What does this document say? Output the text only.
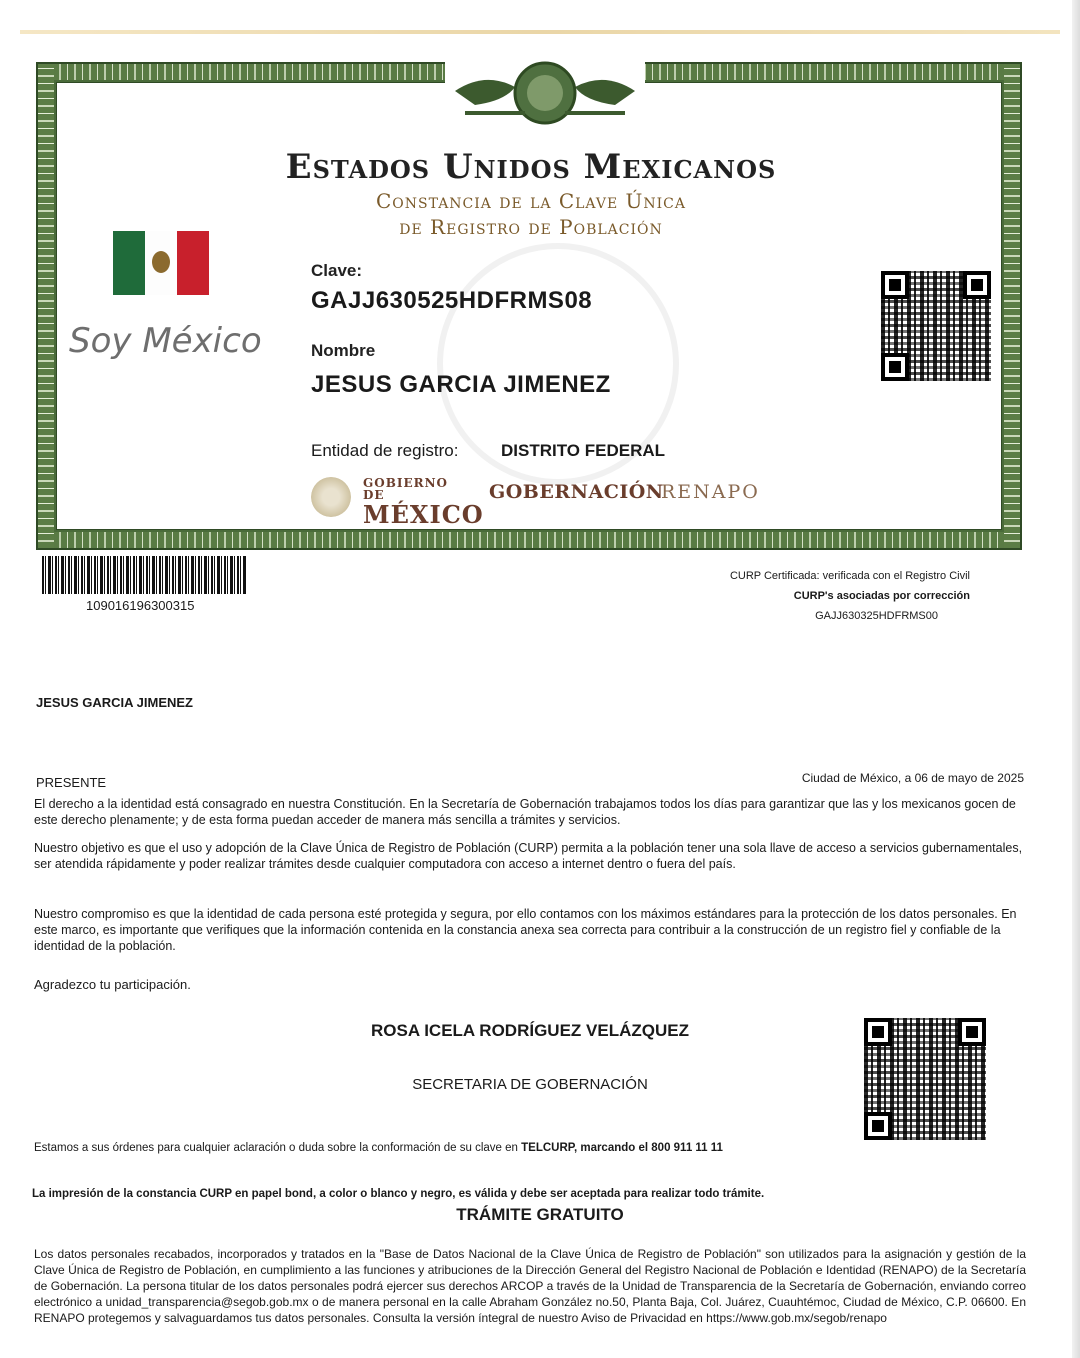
Estados Unidos Mexicanos
Constancia de la Clave Única
de Registro de Población
Soy México
Clave:
GAJJ630525HDFRMS08
Nombre
JESUS GARCIA JIMENEZ
Entidad de registro:	DISTRITO FEDERAL
GOBIERNO DE
MÉXICO
GOBERNACIÓN
RENAPO
109016196300315
CURP Certificada: verificada con el Registro Civil
CURP's asociadas por corrección
GAJJ630325HDFRMS00
JESUS GARCIA JIMENEZ
PRESENTE	Ciudad de México, a 06 de mayo de 2025
El derecho a la identidad está consagrado en nuestra Constitución. En la Secretaría de Gobernación trabajamos todos los días para garantizar que las y los mexicanos gocen de este derecho plenamente; y de esta forma puedan acceder de manera más sencilla a trámites y servicios.
Nuestro objetivo es que el uso y adopción de la Clave Única de Registro de Población (CURP) permita a la población tener una sola llave de acceso a servicios gubernamentales, ser atendida rápidamente y poder realizar trámites desde cualquier computadora con acceso a internet dentro o fuera del país.
Nuestro compromiso es que la identidad de cada persona esté protegida y segura, por ello contamos con los máximos estándares para la protección de los datos personales. En este marco, es importante que verifiques que la información contenida en la constancia anexa sea correcta para contribuir a la construcción de un registro fiel y confiable de la identidad de la población.
Agradezco tu participación.
ROSA ICELA RODRÍGUEZ VELÁZQUEZ
SECRETARIA DE GOBERNACIÓN
Estamos a sus órdenes para cualquier aclaración o duda sobre la conformación de su clave en TELCURP, marcando el 800 911 11 11
La impresión de la constancia CURP en papel bond, a color o blanco y negro, es válida y debe ser aceptada para realizar todo trámite.
TRÁMITE GRATUITO
Los datos personales recabados, incorporados y tratados en la "Base de Datos Nacional de la Clave Única de Registro de Población" son utilizados para la asignación y gestión de la Clave Única de Registro de Población, en cumplimiento a las funciones y atribuciones de la Dirección General del Registro Nacional de Población e Identidad (RENAPO) de la Secretaría de Gobernación. La persona titular de los datos personales podrá ejercer sus derechos ARCOP a través de la Unidad de Transparencia de la Secretaría de Gobernación, enviando correo electrónico a unidad_transparencia@segob.gob.mx o de manera personal en la calle Abraham González no.50, Planta Baja, Col. Juárez, Cuauhtémoc, Ciudad de México, C.P. 06600. En RENAPO protegemos y salvaguardamos tus datos personales. Consulta la versión íntegral de nuestro Aviso de Privacidad en https://www.gob.mx/segob/renapo
